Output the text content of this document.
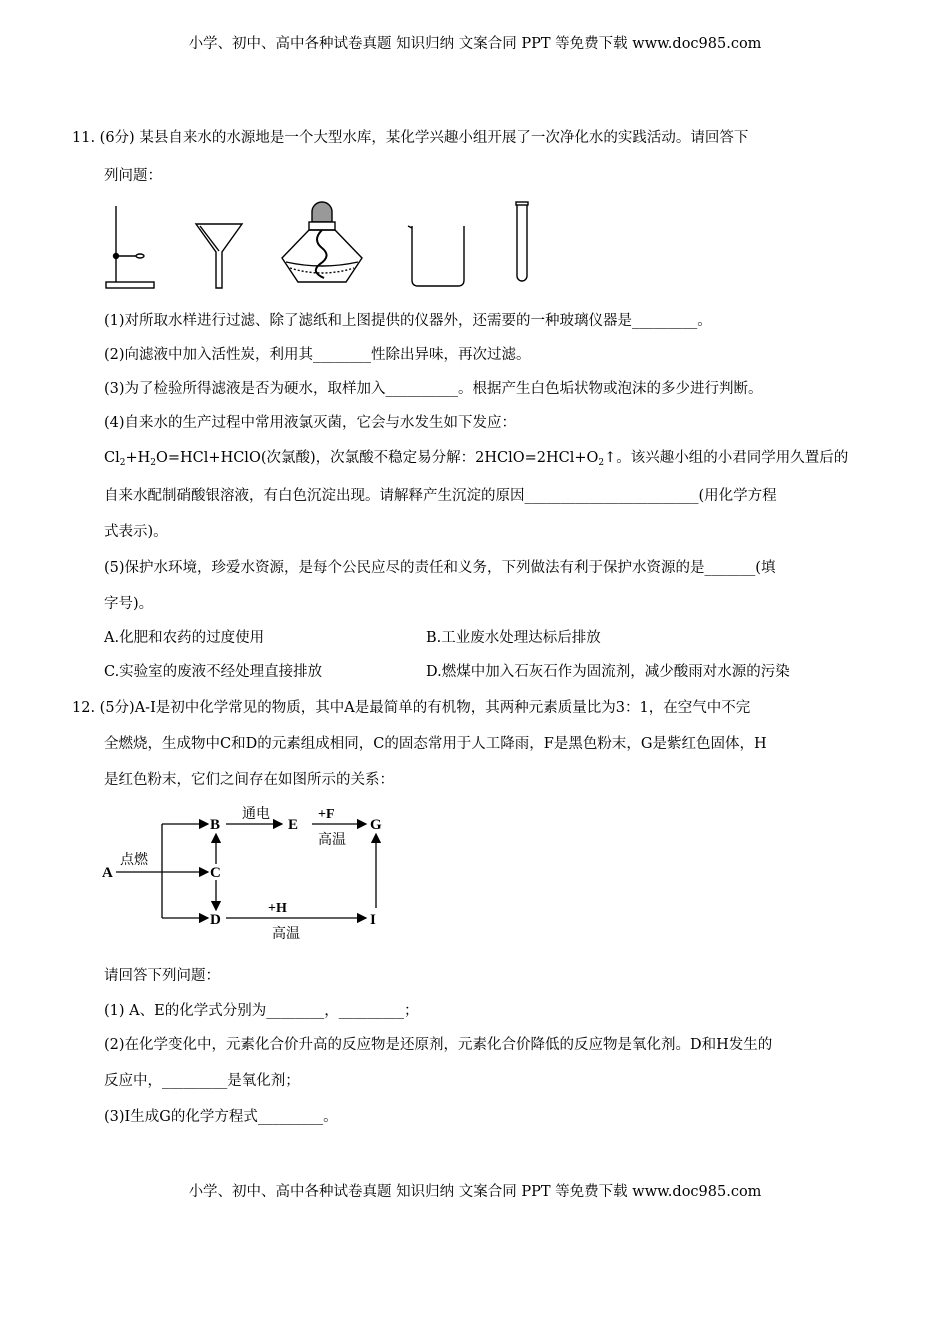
小学、初中、高中各种试卷真题 知识归纳 文案合同 PPT 等免费下载 www.doc985.com
11. (6分) 某县自来水的水源地是一个大型水库，某化学兴趣小组开展了一次净化水的实践活动。请回答下
列问题：
(1)对所取水样进行过滤、除了滤纸和上图提供的仪器外，还需要的一种玻璃仪器是_________。
(2)向滤液中加入活性炭，利用其________性除出异味，再次过滤。
(3)为了检验所得滤液是否为硬水，取样加入__________。根据产生白色垢状物或泡沫的多少进行判断。
(4)自来水的生产过程中常用液氯灭菌，它会与水发生如下发应：
$Cl_2+H_2O=HCl+HClO$(次氯酸)，次氯酸不稳定易分解：$2HClO=2HCl+O_2↑$。该兴趣小组的小君同学用久置后的
自来水配制硝酸银溶液，有白色沉淀出现。请解释产生沉淀的原因________________________(用化学方程
式表示)。
(5)保护水环境，珍爱水资源，是每个公民应尽的责任和义务，下列做法有利于保护水资源的是_______(填
字号)。
A.化肥和农药的过度使用	B.工业废水处理达标后排放
C.实验室的废液不经处理直接排放	D.燃煤中加入石灰石作为固流剂，减少酸雨对水源的污染
12. (5分)A-I是初中化学常见的物质，其中A是最简单的有机物，其两种元素质量比为3：1，在空气中不完
全燃烧，生成物中C和D的元素组成相同，C的固态常用于人工降雨，F是黑色粉末，G是紫红色固体，H
是红色粉末，它们之间存在如图所示的关系：
A
B
C
D
E	G
I
点燃
通电	+F
高温
+H
高温
请回答下列问题：
(1) A、E的化学式分别为________，_________；
(2)在化学变化中，元素化合价升高的反应物是还原剂，元素化合价降低的反应物是氧化剂。D和H发生的
反应中，_________是氧化剂；
(3)I生成G的化学方程式_________。
小学、初中、高中各种试卷真题 知识归纳 文案合同 PPT 等免费下载 www.doc985.com
